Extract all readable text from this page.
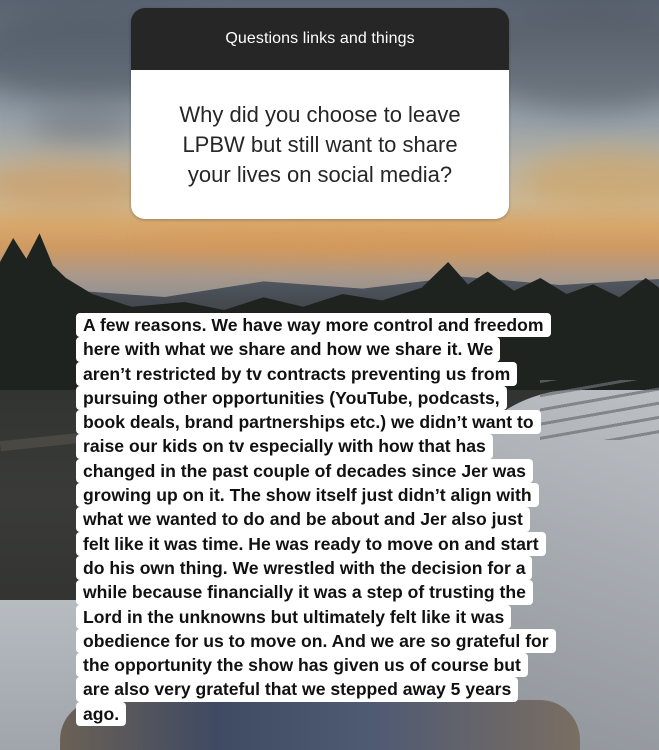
Questions links and things
Why did you choose to leave LPBW but still want to share your lives on social media?
A few reasons. We have way more control and freedom
here with what we share and how we share it. We
aren’t restricted by tv contracts preventing us from
pursuing other opportunities (YouTube, podcasts,
book deals, brand partnerships etc.) we didn’t want to
raise our kids on tv especially with how that has
changed in the past couple of decades since Jer was
growing up on it. The show itself just didn’t align with
what we wanted to do and be about and Jer also just
felt like it was time. He was ready to move on and start
do his own thing. We wrestled with the decision for a
while because financially it was a step of trusting the
Lord in the unknowns but ultimately felt like it was
obedience for us to move on. And we are so grateful for
the opportunity the show has given us of course but
are also very grateful that we stepped away 5 years
ago.
